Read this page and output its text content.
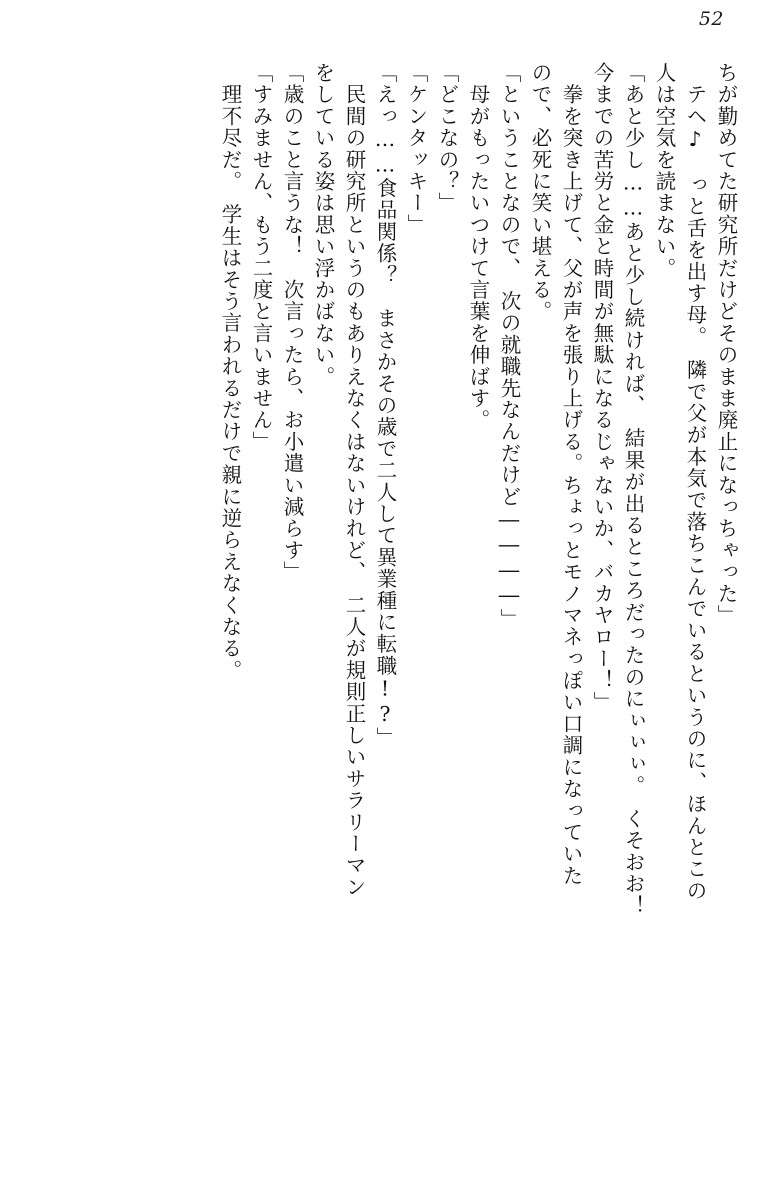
52
ちが勤めてた研究所だけどそのまま廃止になっちゃった」
　テヘ♪　っと舌を出す母。　隣で父が本気で落ちこんでいるというのに、ほんとこの
人は空気を読まない。
「あと少し……あと少し続ければ、　結果が出るところだったのにぃぃぃ。　くそおお！
今までの苦労と金と時間が無駄になるじゃないか、バカヤロー！」
　拳を突き上げて、父が声を張り上げる。ちょっとモノマネっぽい口調になっていた
ので、必死に笑い堪える。
「ということなので、　次の就職先なんだけど――――」
　母がもったいつけて言葉を伸ばす。
「どこなの？」
「ケンタッキー」
「えっ……食品関係？　まさかその歳で二人して異業種に転職!?」
　民間の研究所というのもありえなくはないけれど、　二人が規則正しいサラリーマン
をしている姿は思い浮かばない。
「歳のこと言うな！　次言ったら、お小遣い減らす」
「すみません、もう二度と言いません」
　理不尽だ。　学生はそう言われるだけで親に逆らえなくなる。
